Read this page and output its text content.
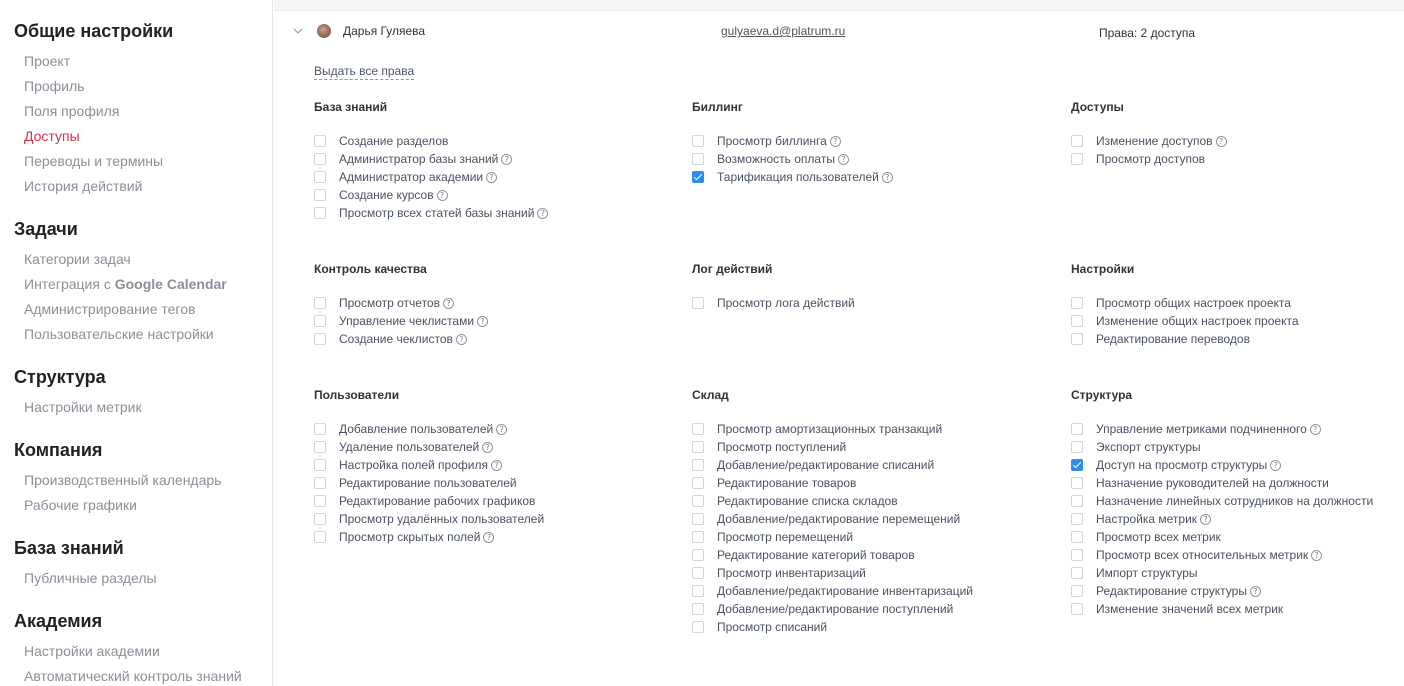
Общие настройки
Проект
Профиль
Поля профиля
Доступы
Переводы и термины
История действий
Задачи
Категории задач
Интеграция с Google Calendar
Администрирование тегов
Пользовательские настройки
Структура
Настройки метрик
Компания
Производственный календарь
Рабочие графики
База знаний
Публичные разделы
Академия
Настройки академии
Автоматический контроль знаний
Дарья Гуляева	gulyaeva.d@platrum.ru	Права: 2 доступа
Выдать все права
База знаний
Создание разделов
Администратор базы знаний ?
Администратор академии ?
Создание курсов ?
Просмотр всех статей базы знаний ?
Биллинг
Просмотр биллинга ?
Возможность оплаты ?
Тарификация пользователей ?
Доступы
Изменение доступов ?
Просмотр доступов
Контроль качества
Просмотр отчетов ?
Управление чеклистами ?
Создание чеклистов ?
Лог действий
Просмотр лога действий
Настройки
Просмотр общих настроек проекта
Изменение общих настроек проекта
Редактирование переводов
Пользователи
Добавление пользователей ?
Удаление пользователей ?
Настройка полей профиля ?
Редактирование пользователей
Редактирование рабочих графиков
Просмотр удалённых пользователей
Просмотр скрытых полей ?
Склад
Просмотр амортизационных транзакций
Просмотр поступлений
Добавление/редактирование списаний
Редактирование товаров
Редактирование списка складов
Добавление/редактирование перемещений
Просмотр перемещений
Редактирование категорий товаров
Просмотр инвентаризаций
Добавление/редактирование инвентаризаций
Добавление/редактирование поступлений
Просмотр списаний
Структура
Управление метриками подчиненного ?
Экспорт структуры
Доступ на просмотр структуры ?
Назначение руководителей на должности
Назначение линейных сотрудников на должности
Настройка метрик ?
Просмотр всех метрик
Просмотр всех относительных метрик ?
Импорт структуры
Редактирование структуры ?
Изменение значений всех метрик
